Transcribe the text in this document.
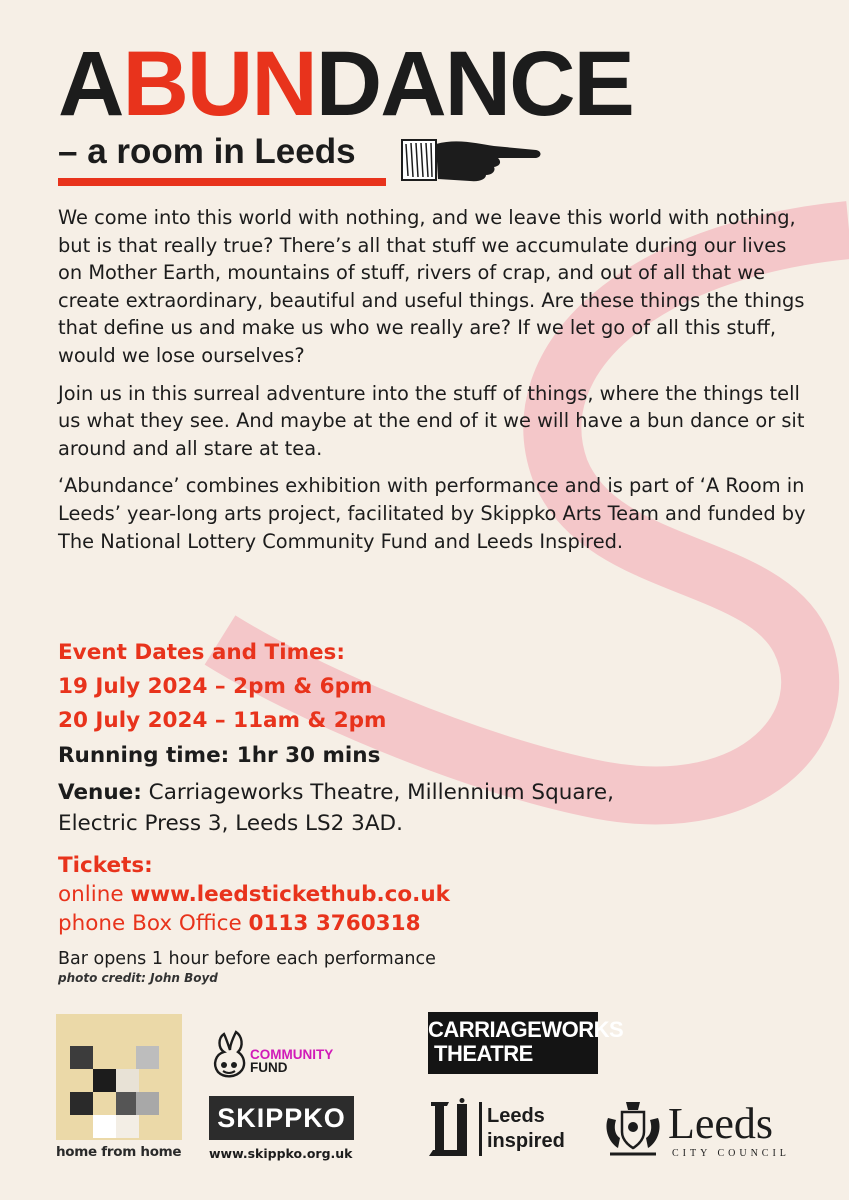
ABUNDANCE
– a room in Leeds

We come into this world with nothing, and we leave this world with nothing, but is that really true? There’s all that stuff we accumulate during our lives on Mother Earth, mountains of stuff, rivers of crap, and out of all that we create extraordinary, beautiful and useful things. Are these things the things that define us and make us who we really are? If we let go of all this stuff, would we lose ourselves?

Join us in this surreal adventure into the stuff of things, where the things tell us what they see. And maybe at the end of it we will have a bun dance or sit around and all stare at tea.

‘Abundance’ combines exhibition with performance and is part of ‘A Room in Leeds’ year-long arts project, facilitated by Skippko Arts Team and funded by The National Lottery Community Fund and Leeds Inspired.

Event Dates and Times:
19 July 2024 – 2pm & 6pm
20 July 2024 – 11am & 2pm
Running time: 1hr 30 mins
Venue: Carriageworks Theatre, Millennium Square,
Electric Press 3, Leeds LS2 3AD.
Tickets:
online www.leedstickethub.co.uk
phone Box Office 0113 3760318
Bar opens 1 hour before each performance
photo credit: John Boyd
home from home
COMMUNITY
FUND
SKIPPKO
www.skippko.org.uk
CARRIAGEWORKS
THEATRE
Leeds
inspired Leeds
CITY COUNCIL
